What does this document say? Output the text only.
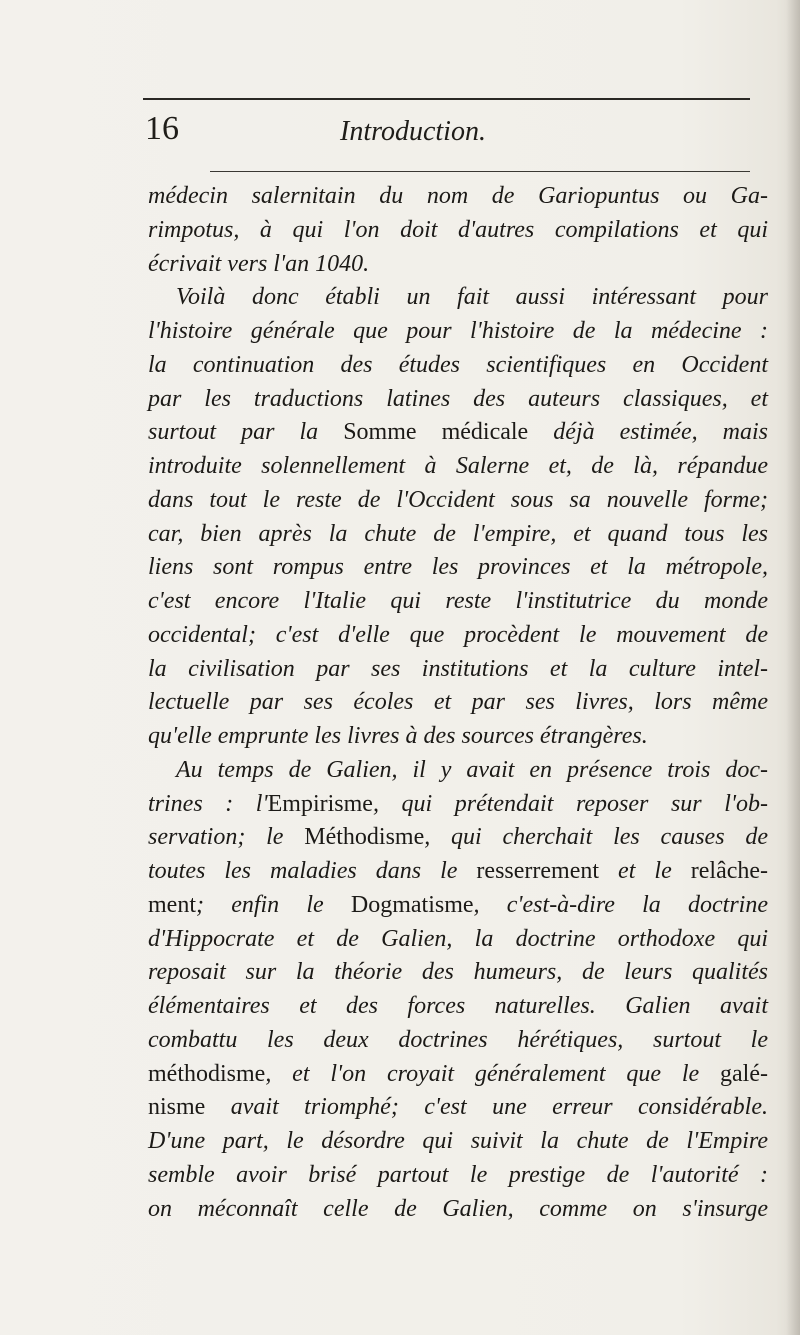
16	Introduction.
médecin salernitain du nom de Gariopuntus ou Ga-
rimpotus, à qui l'on doit d'autres compilations et qui
écrivait vers l'an 1040.
Voilà donc établi un fait aussi intéressant pour
l'histoire générale que pour l'histoire de la médecine :
la continuation des études scientifiques en Occident
par les traductions latines des auteurs classiques, et
surtout par la Somme médicale déjà estimée, mais
introduite solennellement à Salerne et, de là, répandue
dans tout le reste de l'Occident sous sa nouvelle forme;
car, bien après la chute de l'empire, et quand tous les
liens sont rompus entre les provinces et la métropole,
c'est encore l'Italie qui reste l'institutrice du monde
occidental; c'est d'elle que procèdent le mouvement de
la civilisation par ses institutions et la culture intel-
lectuelle par ses écoles et par ses livres, lors même
qu'elle emprunte les livres à des sources étrangères.
Au temps de Galien, il y avait en présence trois doc-
trines : l'Empirisme, qui prétendait reposer sur l'ob-
servation; le Méthodisme, qui cherchait les causes de
toutes les maladies dans le resserrement et le relâche-
ment; enfin le Dogmatisme, c'est-à-dire la doctrine
d'Hippocrate et de Galien, la doctrine orthodoxe qui
reposait sur la théorie des humeurs, de leurs qualités
élémentaires et des forces naturelles. Galien avait
combattu les deux doctrines hérétiques, surtout le
méthodisme, et l'on croyait généralement que le galé-
nisme avait triomphé; c'est une erreur considérable.
D'une part, le désordre qui suivit la chute de l'Empire
semble avoir brisé partout le prestige de l'autorité :
on méconnaît celle de Galien, comme on s'insurge
